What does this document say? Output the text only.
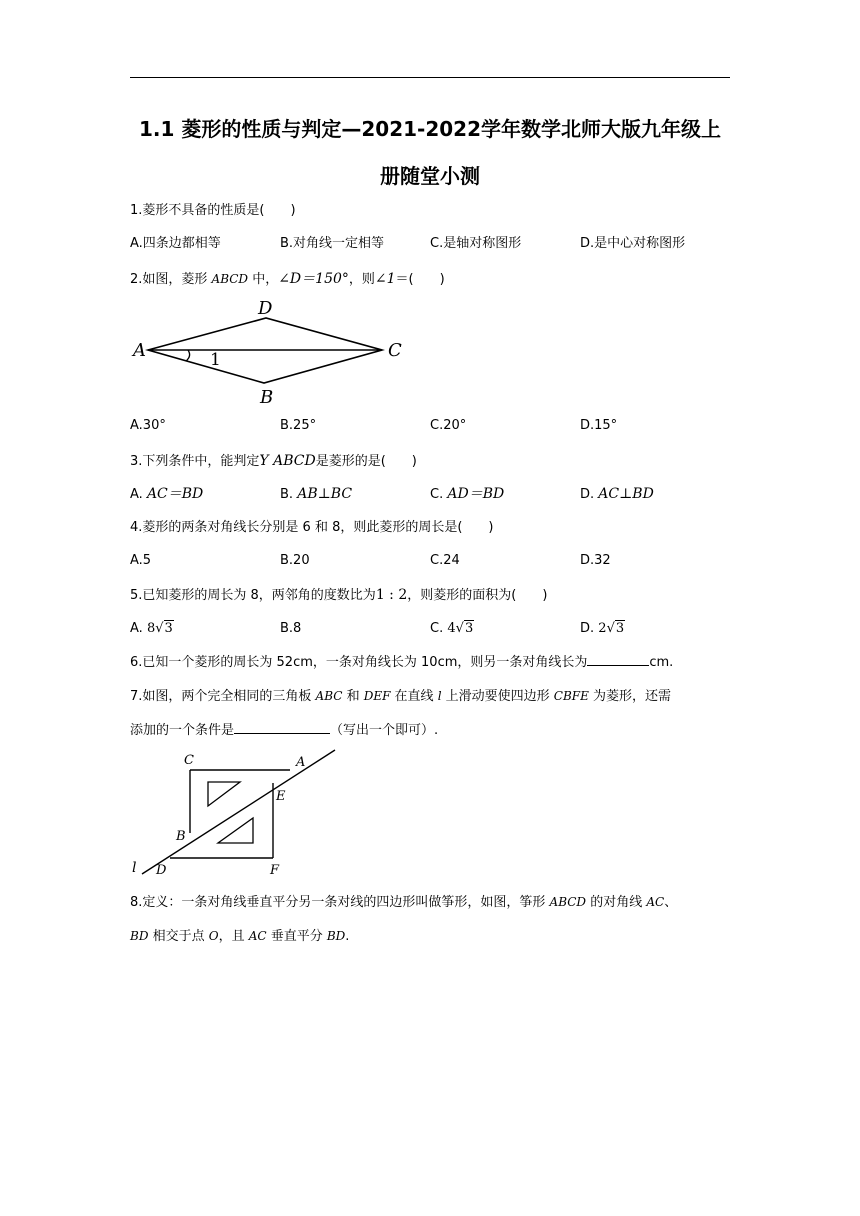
1.1 菱形的性质与判定—2021-2022学年数学北师大版九年级上
册随堂小测
1.菱形不具备的性质是(　　)
A.四条边都相等	B.对角线一定相等	C.是轴对称图形	D.是中心对称图形
2.如图，菱形 ABCD 中，∠D＝150°，则∠1＝(　　)
A
D
C
B
1
A.30°	B.25°	C.20°	D.15°
3.下列条件中，能判定Y ABCD是菱形的是(　　)
A. AC＝BD	B. AB⊥BC	C. AD＝BD	D. AC⊥BD
4.菱形的两条对角线长分别是 6 和 8，则此菱形的周长是(　　)
A.5	B.20	C.24	D.32
5.已知菱形的周长为 8，两邻角的度数比为1 : 2，则菱形的面积为(　　)
A. 8√3	B.8	C. 4√3	D. 2√3
6.已知一个菱形的周长为 52cm，一条对角线长为 10cm，则另一条对角线长为	cm.
7.如图，两个完全相同的三角板 ABC 和 DEF 在直线 l 上滑动要使四边形 CBFE 为菱形，还需
添加的一个条件是	（写出一个即可）.
C	A
E
B
D	F
l
8.定义：一条对角线垂直平分另一条对线的四边形叫做筝形，如图，筝形 ABCD 的对角线 AC、
BD 相交于点 O，且 AC 垂直平分 BD.
